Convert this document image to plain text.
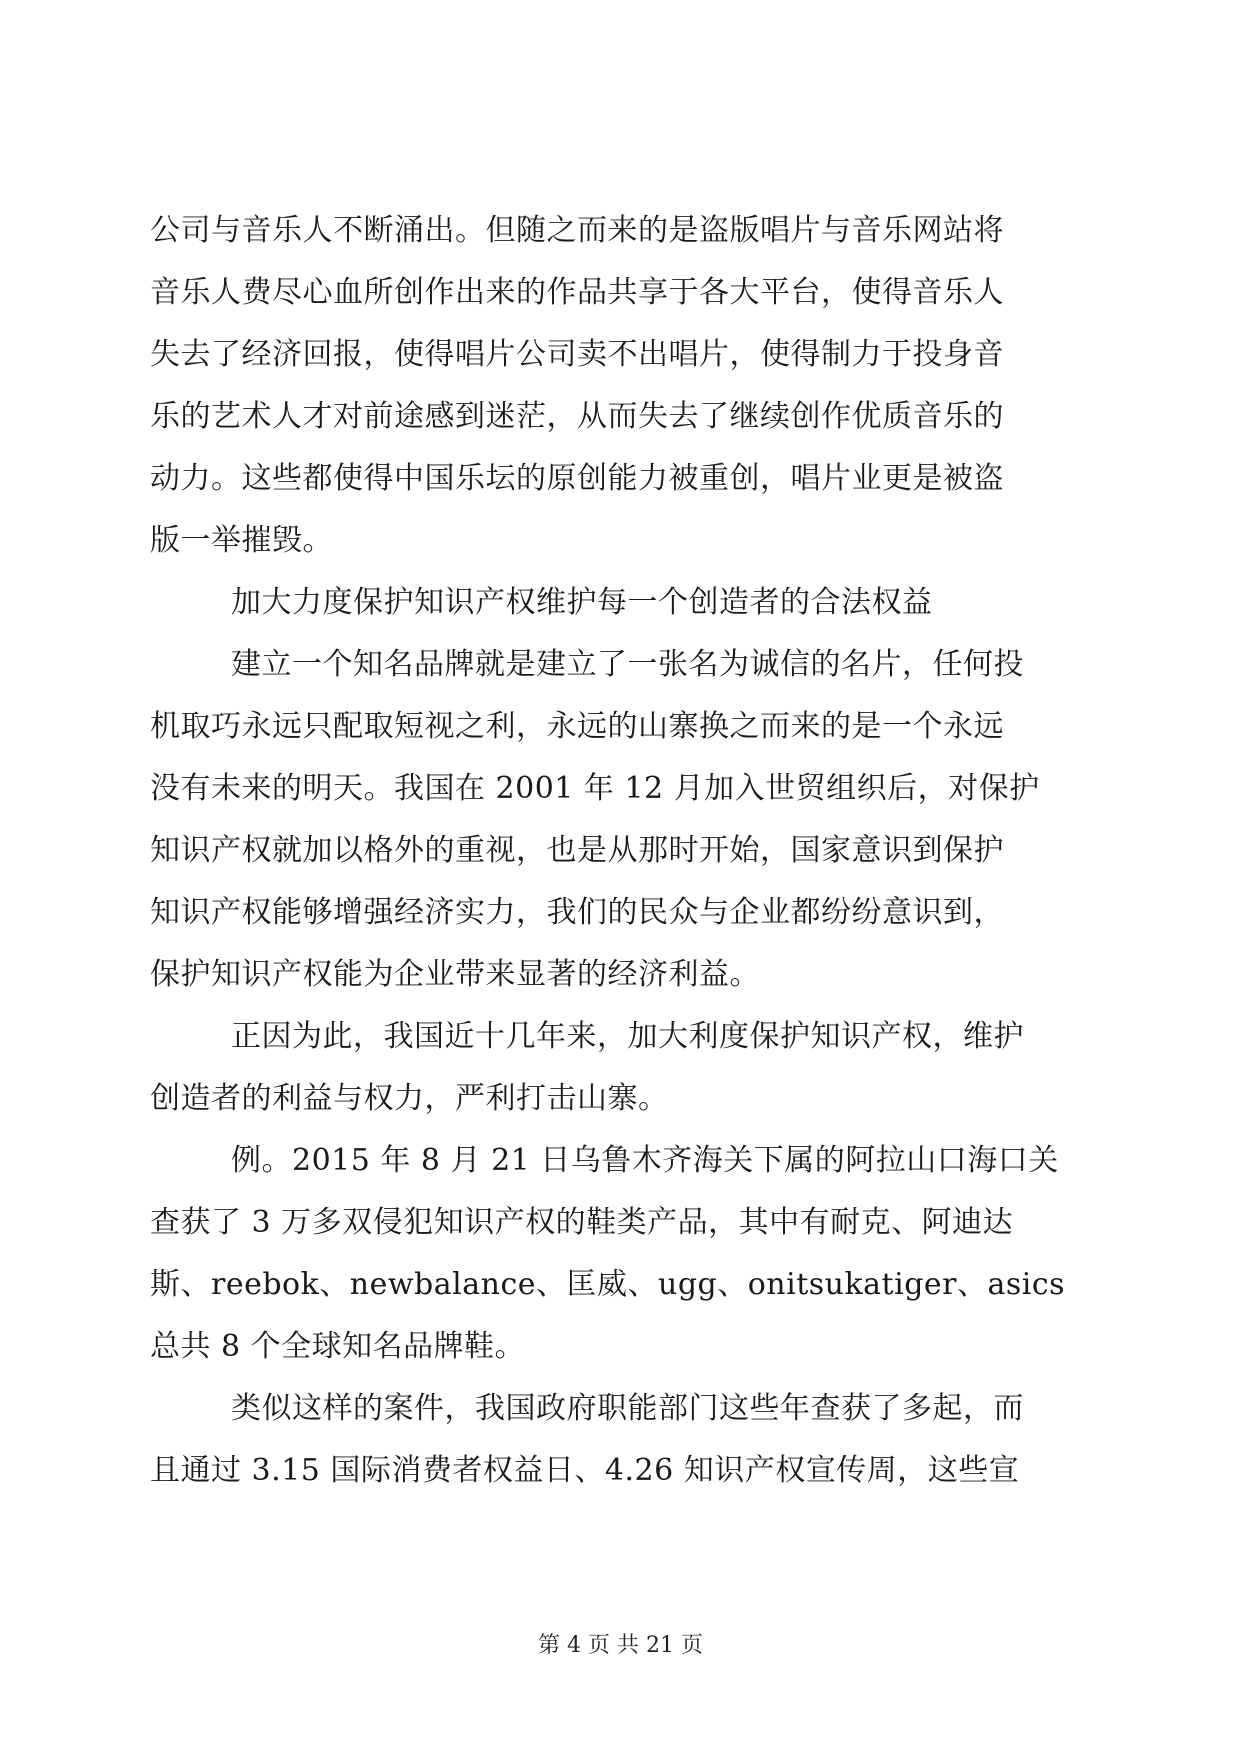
公司与音乐人不断涌出。但随之而来的是盗版唱片与音乐网站将
音乐人费尽心血所创作出来的作品共享于各大平台，使得音乐人
失去了经济回报，使得唱片公司卖不出唱片，使得制力于投身音
乐的艺术人才对前途感到迷茫，从而失去了继续创作优质音乐的
动力。这些都使得中国乐坛的原创能力被重创，唱片业更是被盗
版一举摧毁。
加大力度保护知识产权维护每一个创造者的合法权益
建立一个知名品牌就是建立了一张名为诚信的名片，任何投
机取巧永远只配取短视之利，永远的山寨换之而来的是一个永远
没有未来的明天。我国在 2001 年 12 月加入世贸组织后，对保护
知识产权就加以格外的重视，也是从那时开始，国家意识到保护
知识产权能够增强经济实力，我们的民众与企业都纷纷意识到，
保护知识产权能为企业带来显著的经济利益。
正因为此，我国近十几年来，加大利度保护知识产权，维护
创造者的利益与权力，严利打击山寨。
例。2015 年 8 月 21 日乌鲁木齐海关下属的阿拉山口海口关
查获了 3 万多双侵犯知识产权的鞋类产品，其中有耐克、阿迪达
斯、reebok、newbalance、匡威、ugg、onitsukatiger、asics
总共 8 个全球知名品牌鞋。
类似这样的案件，我国政府职能部门这些年查获了多起，而
且通过 3.15 国际消费者权益日、4.26 知识产权宣传周，这些宣
第 4 页 共 21 页
